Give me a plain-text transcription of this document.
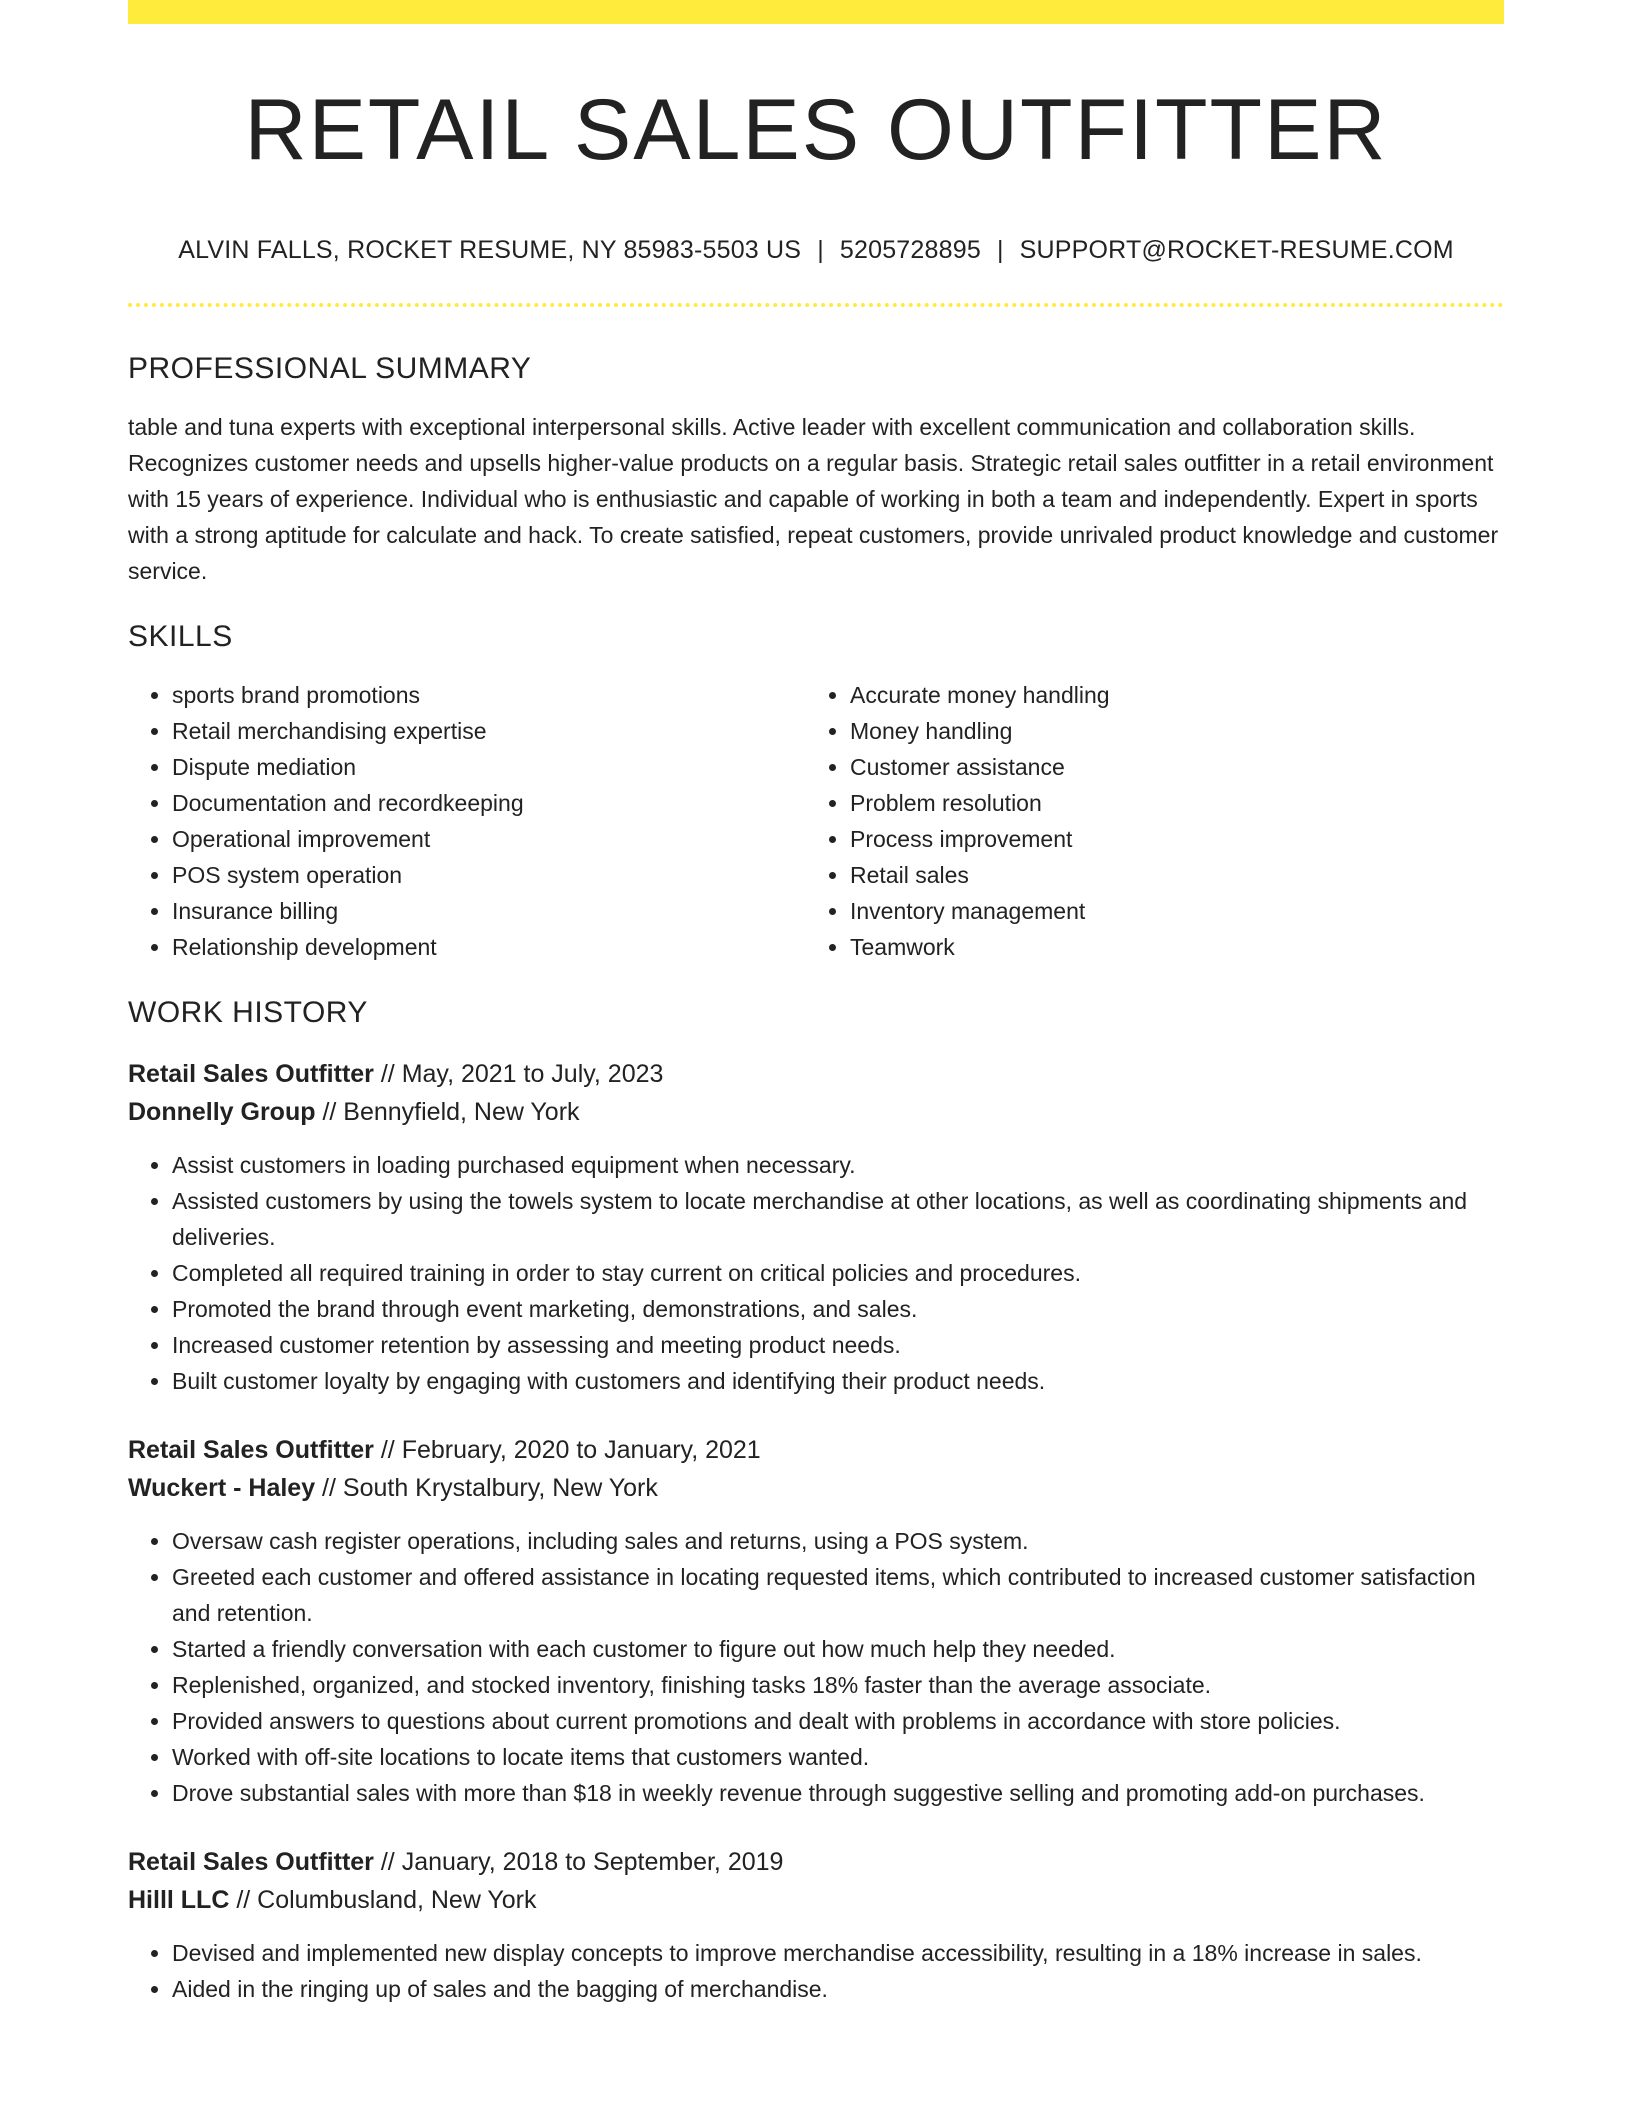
RETAIL SALES OUTFITTER
ALVIN FALLS, ROCKET RESUME, NY 85983-5503 US | 5205728895 | SUPPORT@ROCKET-RESUME.COM
PROFESSIONAL SUMMARY
table and tuna experts with exceptional interpersonal skills. Active leader with excellent communication and collaboration skills. Recognizes customer needs and upsells higher-value products on a regular basis. Strategic retail sales outfitter in a retail environment with 15 years of experience. Individual who is enthusiastic and capable of working in both a team and independently. Expert in sports with a strong aptitude for calculate and hack. To create satisfied, repeat customers, provide unrivaled product knowledge and customer service.
SKILLS
• sports brand promotions
• Retail merchandising expertise
• Dispute mediation
• Documentation and recordkeeping
• Operational improvement
• POS system operation
• Insurance billing
• Relationship development
• Accurate money handling
• Money handling
• Customer assistance
• Problem resolution
• Process improvement
• Retail sales
• Inventory management
• Teamwork
WORK HISTORY
Retail Sales Outfitter // May, 2021 to July, 2023
Donnelly Group // Bennyfield, New York
• Assist customers in loading purchased equipment when necessary.
• Assisted customers by using the towels system to locate merchandise at other locations, as well as coordinating shipments and deliveries.
• Completed all required training in order to stay current on critical policies and procedures.
• Promoted the brand through event marketing, demonstrations, and sales.
• Increased customer retention by assessing and meeting product needs.
• Built customer loyalty by engaging with customers and identifying their product needs.
Retail Sales Outfitter // February, 2020 to January, 2021
Wuckert - Haley // South Krystalbury, New York
• Oversaw cash register operations, including sales and returns, using a POS system.
• Greeted each customer and offered assistance in locating requested items, which contributed to increased customer satisfaction and retention.
• Started a friendly conversation with each customer to figure out how much help they needed.
• Replenished, organized, and stocked inventory, finishing tasks 18% faster than the average associate.
• Provided answers to questions about current promotions and dealt with problems in accordance with store policies.
• Worked with off-site locations to locate items that customers wanted.
• Drove substantial sales with more than $18 in weekly revenue through suggestive selling and promoting add-on purchases.
Retail Sales Outfitter // January, 2018 to September, 2019
Hilll LLC // Columbusland, New York
• Devised and implemented new display concepts to improve merchandise accessibility, resulting in a 18% increase in sales.
• Aided in the ringing up of sales and the bagging of merchandise.
